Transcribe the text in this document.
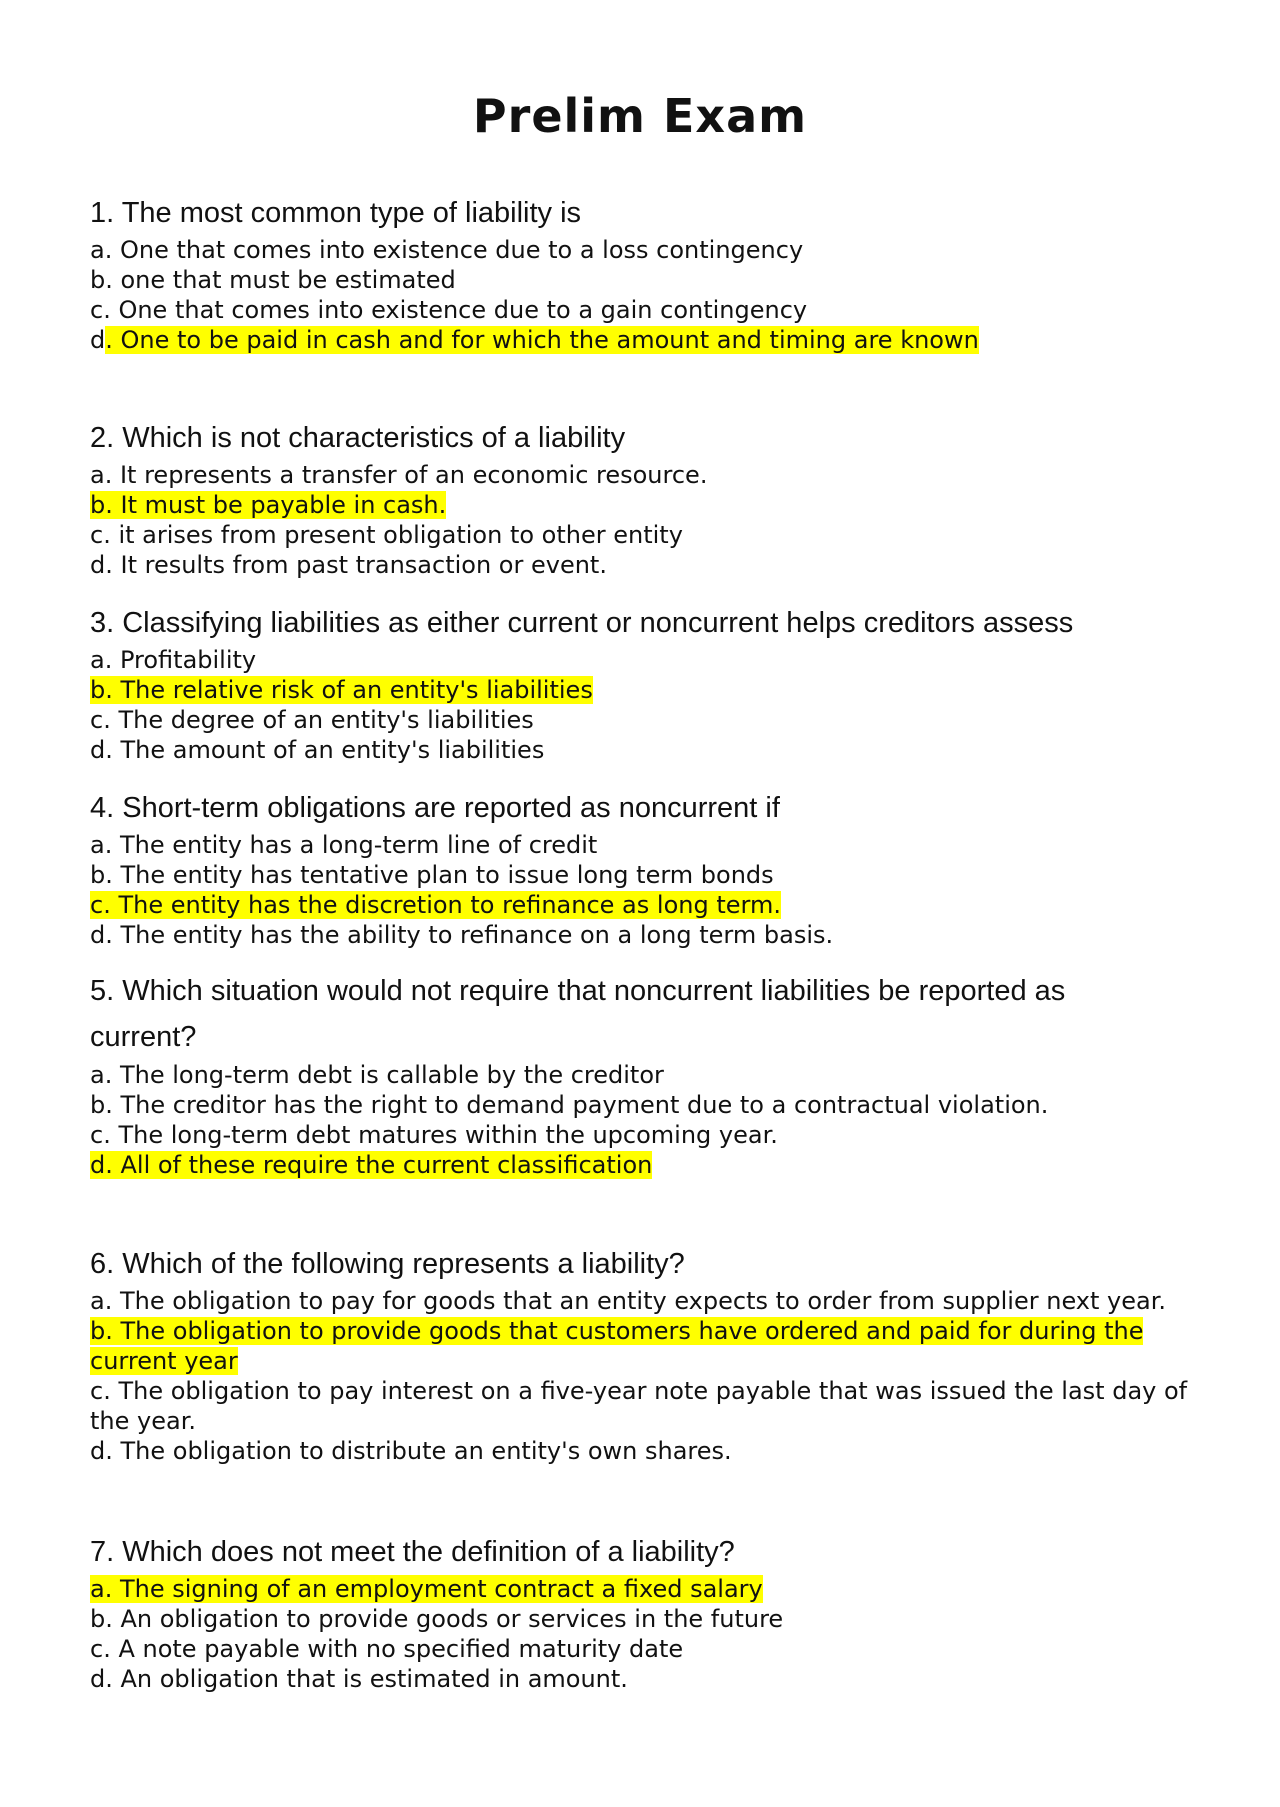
Prelim Exam

1. The most common type of liability is

a. One that comes into existence due to a loss contingency
b. one that must be estimated
c. One that comes into existence due to a gain contingency
d. One to be paid in cash and for which the amount and timing are known

2. Which is not characteristics of a liability

a. It represents a transfer of an economic resource.
b. It must be payable in cash.
c. it arises from present obligation to other entity
d. It results from past transaction or event.

3. Classifying liabilities as either current or noncurrent helps creditors assess

a. Profitability
b. The relative risk of an entity's liabilities
c. The degree of an entity's liabilities
d. The amount of an entity's liabilities

4. Short-term obligations are reported as noncurrent if

a. The entity has a long-term line of credit
b. The entity has tentative plan to issue long term bonds
c. The entity has the discretion to refinance as long term.
d. The entity has the ability to refinance on a long term basis.

5. Which situation would not require that noncurrent liabilities be reported as current?

a. The long-term debt is callable by the creditor
b. The creditor has the right to demand payment due to a contractual violation.
c. The long-term debt matures within the upcoming year.
d. All of these require the current classification

6. Which of the following represents a liability?

a. The obligation to pay for goods that an entity expects to order from supplier next year.
b. The obligation to provide goods that customers have ordered and paid for during the current year
c. The obligation to pay interest on a five-year note payable that was issued the last day of the year.
d. The obligation to distribute an entity's own shares.

7. Which does not meet the definition of a liability?

a. The signing of an employment contract a fixed salary
b. An obligation to provide goods or services in the future
c. A note payable with no specified maturity date
d. An obligation that is estimated in amount.
